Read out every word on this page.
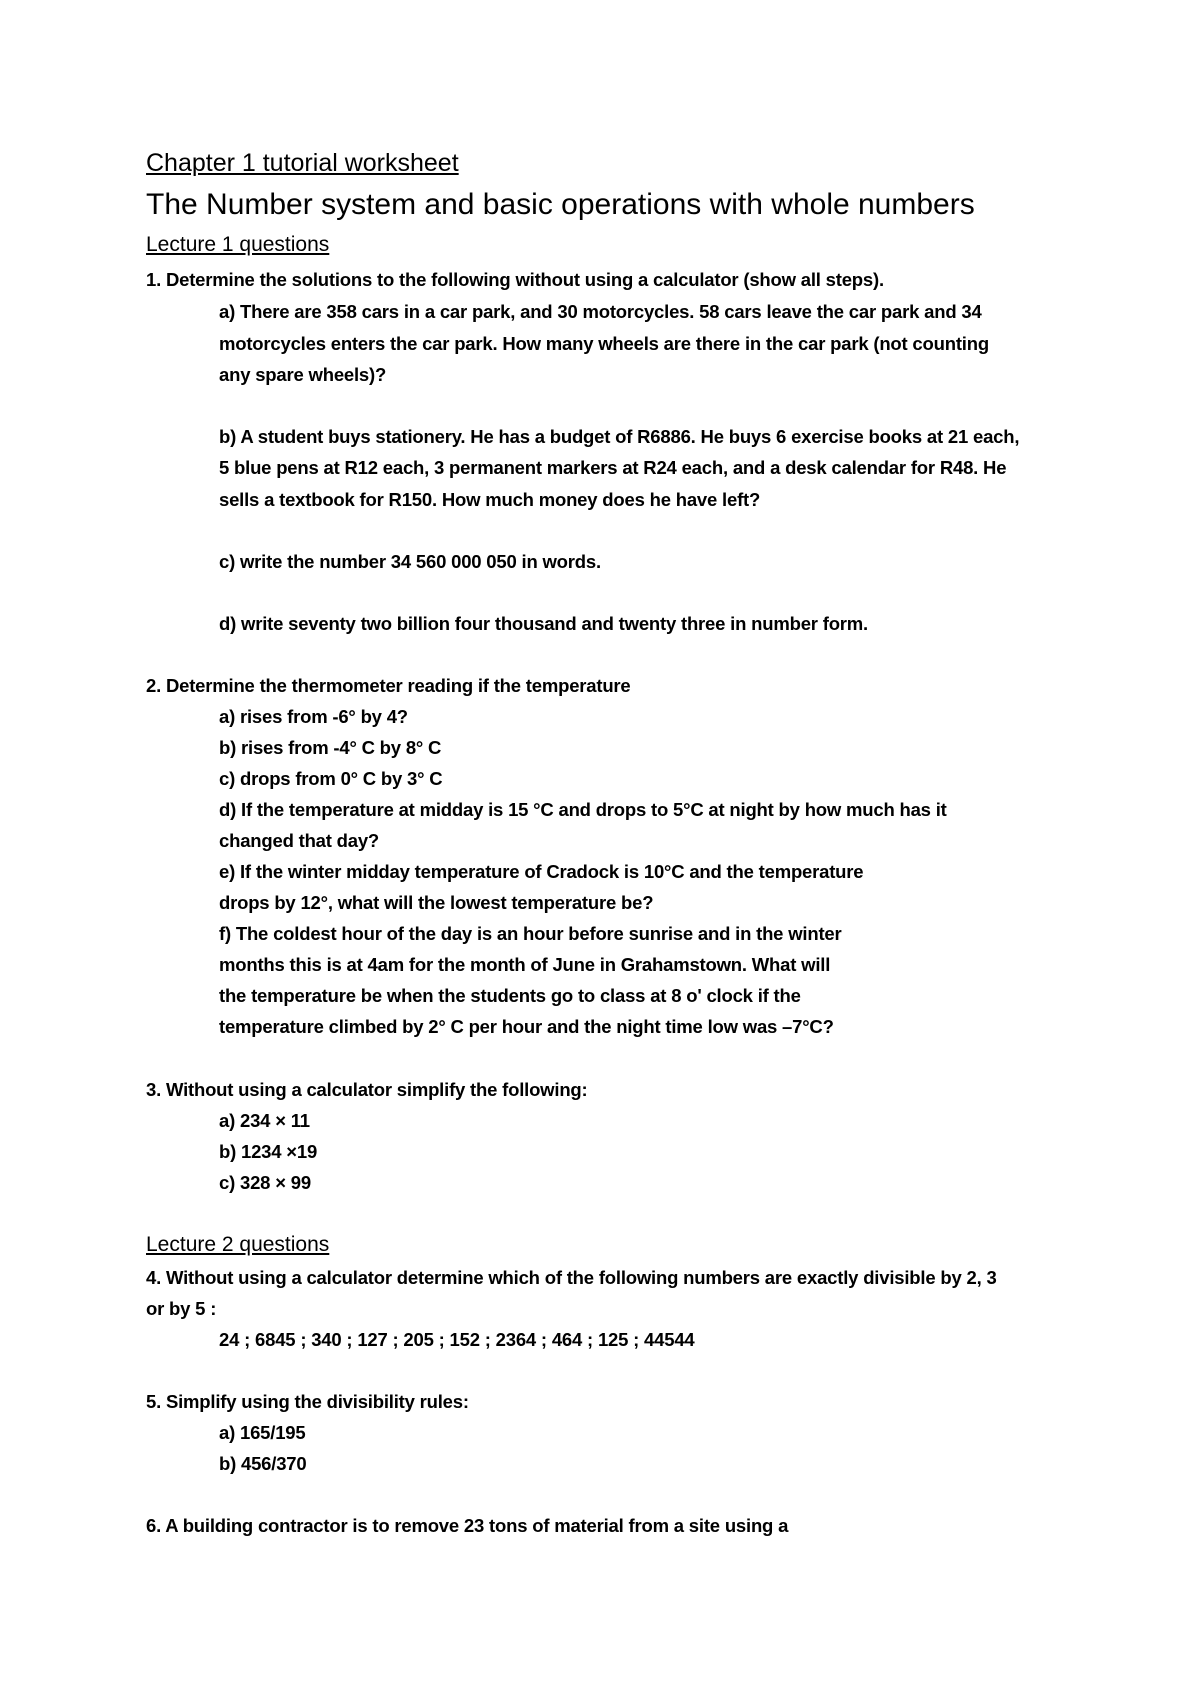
Chapter 1 tutorial worksheet

The Number system and basic operations with whole numbers

Lecture 1 questions

1. Determine the solutions to the following without using a calculator (show all steps).

a) There are 358 cars in a car park, and 30 motorcycles. 58 cars leave the car park and 34

motorcycles enters the car park. How many wheels are there in the car park (not counting

any spare wheels)?

b) A student buys stationery. He has a budget of R6886. He buys 6 exercise books at 21 each,

5 blue pens at R12 each, 3 permanent markers at R24 each, and a desk calendar for R48. He

sells a textbook for R150. How much money does he have left?

c) write the number 34 560 000 050 in words.

d) write seventy two billion four thousand and twenty three in number form.

2. Determine the thermometer reading if the temperature

a) rises from -6° by 4?

b) rises from -4° C by 8° C

c) drops from 0° C by 3° C

d) If the temperature at midday is 15 °C and drops to 5°C at night by how much has it

changed that day?

e) If the winter midday temperature of Cradock is 10°C and the temperature

drops by 12°, what will the lowest temperature be?

f) The coldest hour of the day is an hour before sunrise and in the winter

months this is at 4am for the month of June in Grahamstown. What will

the temperature be when the students go to class at 8 o' clock if the

temperature climbed by 2° C per hour and the night time low was –7°C?

3. Without using a calculator simplify the following:

a) 234 × 11

b) 1234 ×19

c) 328 × 99

Lecture 2 questions

4. Without using a calculator determine which of the following numbers are exactly divisible by 2, 3

or by 5 :

24 ; 6845 ; 340 ; 127 ; 205 ; 152 ; 2364 ; 464 ; 125 ; 44544

5. Simplify using the divisibility rules:

a) 165/195

b) 456/370

6. A building contractor is to remove 23 tons of material from a site using a
